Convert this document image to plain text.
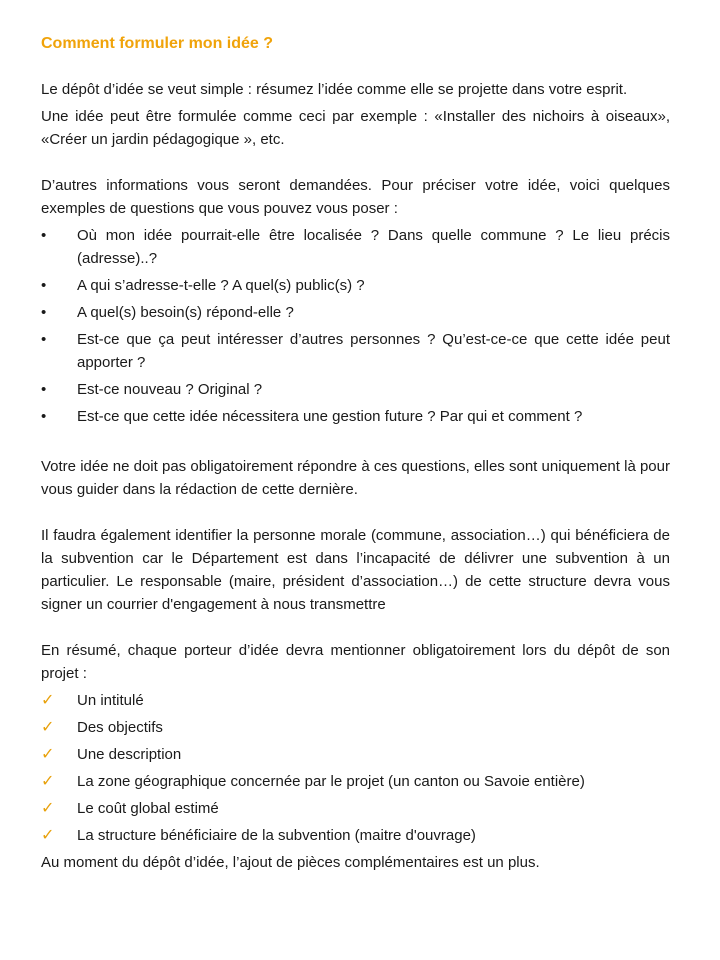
Comment formuler mon idée ?

Le dépôt d’idée se veut simple : résumez l’idée comme elle se projette dans votre esprit.

Une idée peut être formulée comme ceci par exemple : «Installer des nichoirs à oiseaux», «Créer un jardin pédagogique », etc.

D’autres informations vous seront demandées. Pour préciser votre idée, voici quelques exemples de questions que vous pouvez vous poser :

•	Où mon idée pourrait-elle être localisée ? Dans quelle commune ? Le lieu précis (adresse)..?
•	A qui s’adresse-t-elle ? A quel(s) public(s) ?
•	A quel(s) besoin(s) répond-elle ?
•	Est-ce que ça peut intéresser d’autres personnes ? Qu’est-ce-ce que cette idée peut apporter ?
•	Est-ce nouveau ? Original ?
•	Est-ce que cette idée nécessitera une gestion future ? Par qui et comment ?

Votre idée ne doit pas obligatoirement répondre à ces questions, elles sont uniquement là pour vous guider dans la rédaction de cette dernière.

Il faudra également identifier la personne morale (commune, association…) qui bénéficiera de la subvention car le Département est dans l’incapacité de délivrer une subvention à un particulier. Le responsable (maire, président d’association…) de cette structure devra vous signer un courrier d'engagement à nous transmettre

En résumé, chaque porteur d’idée devra mentionner obligatoirement lors du dépôt de son projet :

✓	Un intitulé
✓	Des objectifs
✓	Une description
✓	La zone géographique concernée par le projet (un canton ou Savoie entière)
✓	Le coût global estimé
✓	La structure bénéficiaire de la subvention (maitre d'ouvrage)

Au moment du dépôt d’idée, l’ajout de pièces complémentaires est un plus.
